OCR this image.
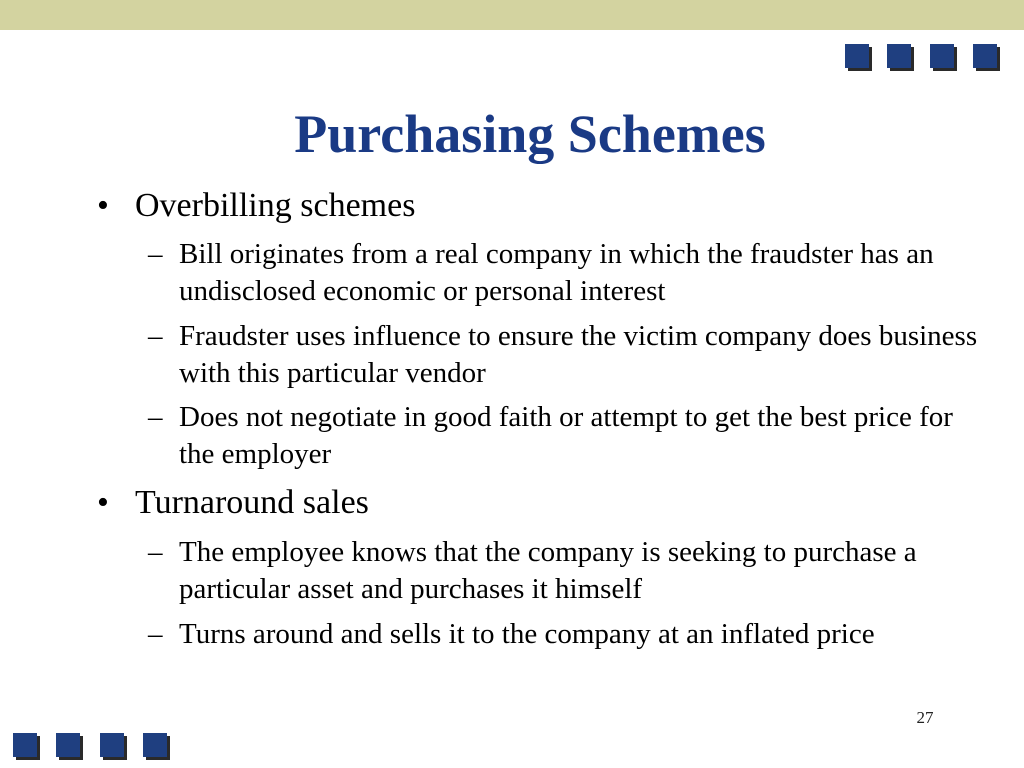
Purchasing Schemes
• Overbilling schemes
– Bill originates from a real company in which the fraudster has an undisclosed economic or personal interest
– Fraudster uses influence to ensure the victim company does business with this particular vendor
– Does not negotiate in good faith or attempt to get the best price for the employer
• Turnaround sales
– The employee knows that the company is seeking to purchase a particular asset and purchases it himself
– Turns around and sells it to the company at an inflated price
27
